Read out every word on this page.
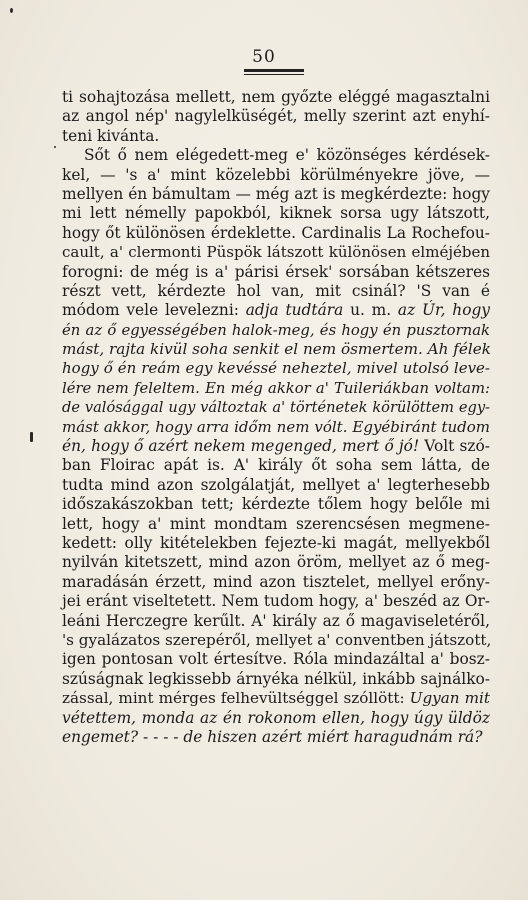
50
ti sohajtozása mellett, nem győzte eléggé magasztalni
az angol nép' nagylelküségét, melly szerint azt enyhí-
teni kivánta.
Sőt ő nem elégedett-meg e' közönséges kérdések-
kel, — 's a' mint közelebbi körülményekre jöve, —
mellyen én bámultam — még azt is megkérdezte: hogy
mi lett némelly papokból, kiknek sorsa ugy látszott,
hogy őt különösen érdeklette. Cardinalis La Rochefou-
cault, a' clermonti Püspök látszott különösen elméjében
forogni: de még is a' párisi érsek' sorsában kétszeres
részt vett, kérdezte hol van, mit csinál? 'S van é
módom vele levelezni: adja tudtára u. m. az Úr, hogy
én az ő egyességében halok-meg, és hogy én pusztornak
mást, rajta kivül soha senkit el nem ösmertem. Ah félek
hogy ő én reám egy kevéssé neheztel, mivel utolsó leve-
lére nem feleltem. En még akkor a' Tuileriákban voltam:
de valósággal ugy változtak a' történetek körülöttem egy-
mást akkor, hogy arra időm nem vólt. Egyébiránt tudom
én, hogy ő azért nekem megenged, mert ő jó! Volt szó-
ban Floirac apát is. A' király őt soha sem látta, de
tudta mind azon szolgálatját, mellyet a' legterhesebb
időszakászokban tett; kérdezte tőlem hogy belőle mi
lett, hogy a' mint mondtam szerencsésen megmene-
kedett: olly kitételekben fejezte-ki magát, mellyekből
nyilván kitetszett, mind azon öröm, mellyet az ő meg-
maradásán érzett, mind azon tisztelet, mellyel erőny-
jei eránt viseltetett. Nem tudom hogy, a' beszéd az Or-
leáni Herczegre kerűlt. A' király az ő magaviseletéről,
's gyalázatos szerepéről, mellyet a' conventben játszott,
igen pontosan volt értesítve. Róla mindazáltal a' bosz-
szúságnak legkissebb árnyéka nélkül, inkább sajnálko-
zással, mint mérges felhevültséggel szóllött: Ugyan mit
vétettem, monda az én rokonom ellen, hogy úgy üldöz
engemet? - - - - de hiszen azért miért haragudnám rá?
